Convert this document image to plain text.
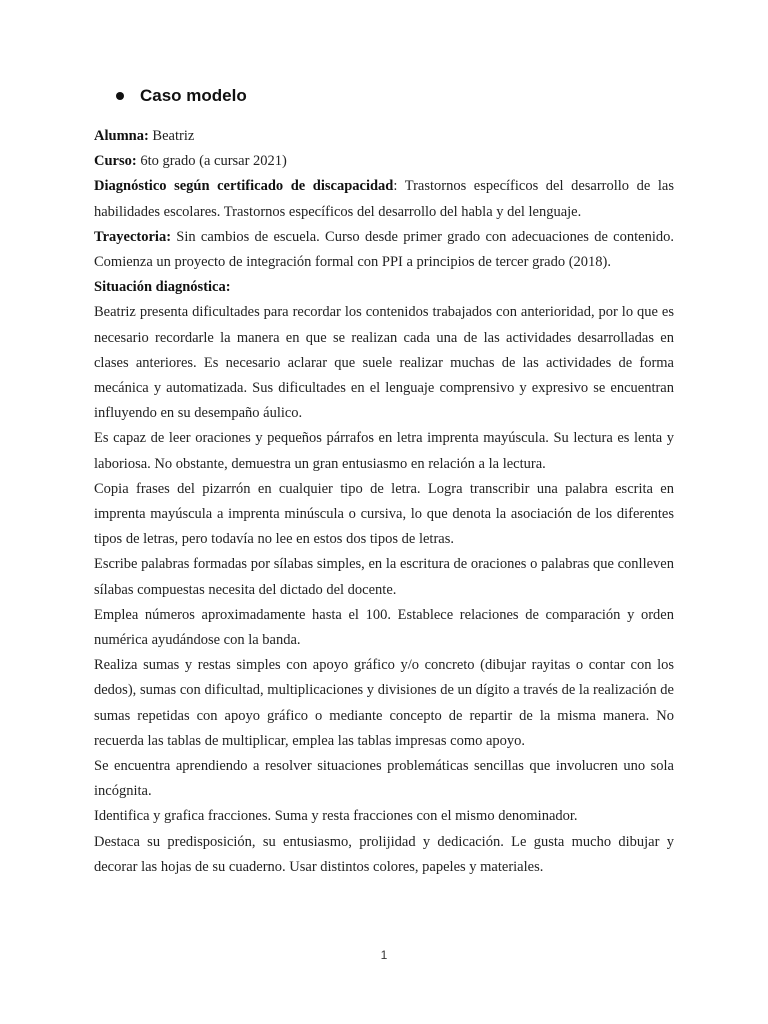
Caso modelo

Alumna: Beatriz

Curso: 6to grado (a cursar 2021)

Diagnóstico según certificado de discapacidad: Trastornos específicos del desarrollo de las habilidades escolares. Trastornos específicos del desarrollo del habla y del lenguaje.

Trayectoria: Sin cambios de escuela. Curso desde primer grado con adecuaciones de contenido. Comienza un proyecto de integración formal con PPI a principios de tercer grado (2018).

Situación diagnóstica:

Beatriz presenta dificultades para recordar los contenidos trabajados con anterioridad, por lo que es necesario recordarle la manera en que se realizan cada una de las actividades desarrolladas en clases anteriores. Es necesario aclarar que suele realizar muchas de las actividades de forma mecánica y automatizada. Sus dificultades en el lenguaje comprensivo y expresivo se encuentran influyendo en su desempaño áulico.

Es capaz de leer oraciones y pequeños párrafos en letra imprenta mayúscula. Su lectura es lenta y laboriosa. No obstante, demuestra un gran entusiasmo en relación a la lectura.

Copia frases del pizarrón en cualquier tipo de letra. Logra transcribir una palabra escrita en imprenta mayúscula a imprenta minúscula o cursiva, lo que denota la asociación de los diferentes tipos de letras, pero todavía no lee en estos dos tipos de letras.

Escribe palabras formadas por sílabas simples, en la escritura de oraciones o palabras que conlleven sílabas compuestas necesita del dictado del docente.

Emplea números aproximadamente hasta el 100. Establece relaciones de comparación y orden numérica ayudándose con la banda.

Realiza sumas y restas simples con apoyo gráfico y/o concreto (dibujar rayitas o contar con los dedos), sumas con dificultad, multiplicaciones y divisiones de un dígito a través de la realización de sumas repetidas con apoyo gráfico o mediante concepto de repartir de la misma manera. No recuerda las tablas de multiplicar, emplea las tablas impresas como apoyo.

Se encuentra aprendiendo a resolver situaciones problemáticas sencillas que involucren uno sola incógnita.

Identifica y grafica fracciones. Suma y resta fracciones con el mismo denominador.

Destaca su predisposición, su entusiasmo, prolijidad y dedicación. Le gusta mucho dibujar y decorar las hojas de su cuaderno. Usar distintos colores, papeles y materiales.

1
